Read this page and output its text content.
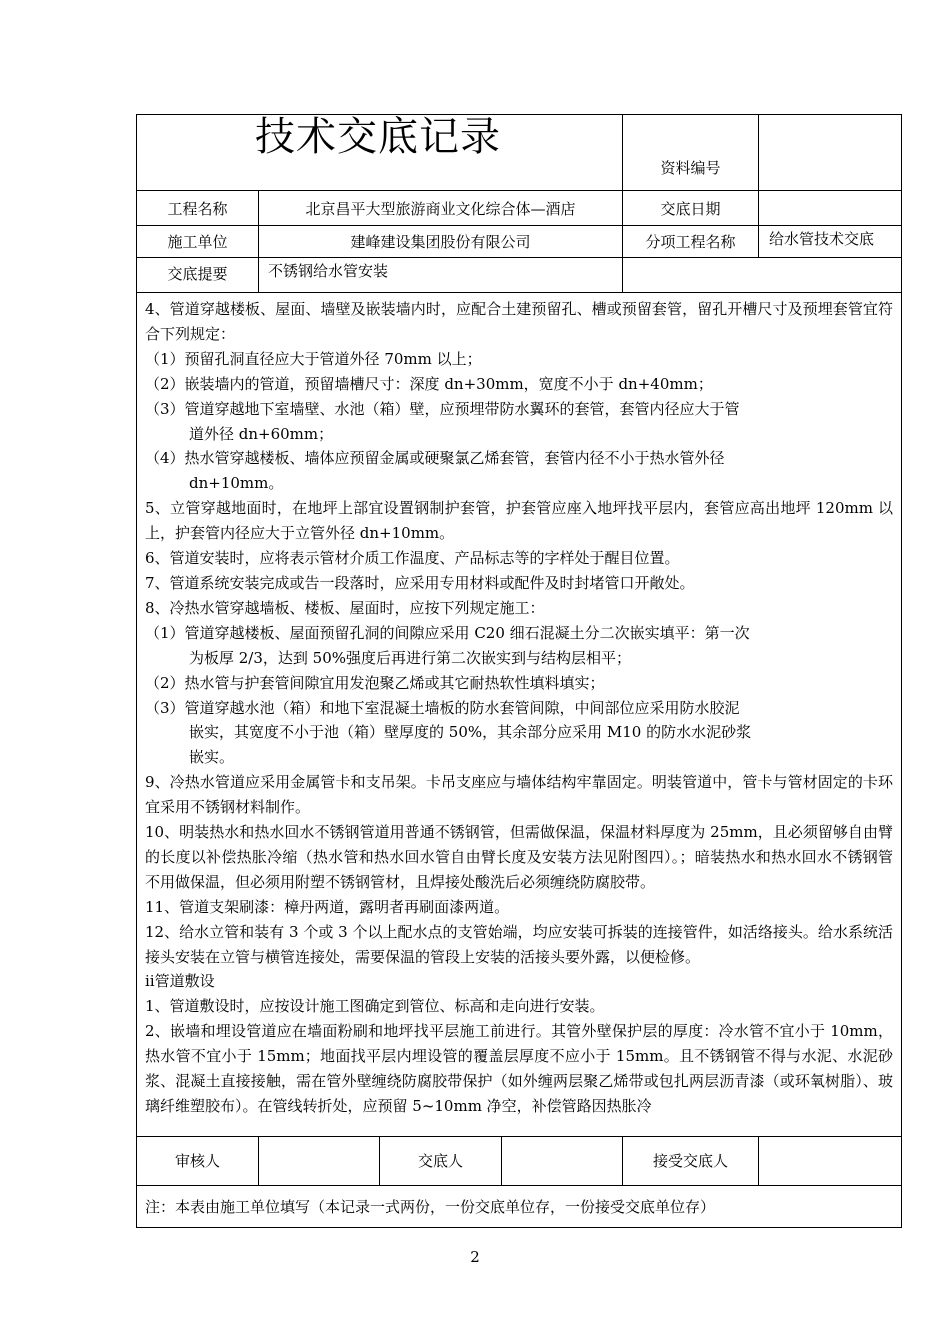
技术交底记录
资料编号
工程名称	北京昌平大型旅游商业文化综合体—酒店	交底日期
施工单位	建峰建设集团股份有限公司	分项工程名称	给水管技术交底
交底提要	不锈钢给水管安装

4、管道穿越楼板、屋面、墙壁及嵌装墙内时，应配合土建预留孔、槽或预留套管，留孔开槽尺寸及预埋套管宜符合下列规定：

（1）预留孔洞直径应大于管道外径 70mm 以上；

（2）嵌装墙内的管道，预留墙槽尺寸：深度 dn+30mm，宽度不小于 dn+40mm；

（3）管道穿越地下室墙壁、水池（箱）壁，应预埋带防水翼环的套管，套管内径应大于管

道外径 dn+60mm；

（4）热水管穿越楼板、墙体应预留金属或硬聚氯乙烯套管，套管内径不小于热水管外径

dn+10mm。

5、立管穿越地面时，在地坪上部宜设置钢制护套管，护套管应座入地坪找平层内，套管应高出地坪 120mm 以上，护套管内径应大于立管外径 dn+10mm。

6、管道安装时，应将表示管材介质工作温度、产品标志等的字样处于醒目位置。

7、管道系统安装完成或告一段落时，应采用专用材料或配件及时封堵管口开敞处。

8、冷热水管穿越墙板、楼板、屋面时，应按下列规定施工：

（1）管道穿越楼板、屋面预留孔洞的间隙应采用 C20 细石混凝土分二次嵌实填平：第一次

为板厚 2/3，达到 50%强度后再进行第二次嵌实到与结构层相平；

（2）热水管与护套管间隙宜用发泡聚乙烯或其它耐热软性填料填实；

（3）管道穿越水池（箱）和地下室混凝土墙板的防水套管间隙，中间部位应采用防水胶泥

嵌实，其宽度不小于池（箱）壁厚度的 50%，其余部分应采用 M10 的防水水泥砂浆

嵌实。

9、冷热水管道应采用金属管卡和支吊架。卡吊支座应与墙体结构牢靠固定。明装管道中，管卡与管材固定的卡环宜采用不锈钢材料制作。

10、明装热水和热水回水不锈钢管道用普通不锈钢管，但需做保温，保温材料厚度为 25mm，且必须留够自由臂的长度以补偿热胀冷缩（热水管和热水回水管自由臂长度及安装方法见附图四）。；暗装热水和热水回水不锈钢管不用做保温，但必须用附塑不锈钢管材，且焊接处酸洗后必须缠绕防腐胶带。

11、管道支架刷漆：樟丹两道，露明者再刷面漆两道。

12、给水立管和装有 3 个或 3 个以上配水点的支管始端，均应安装可拆装的连接管件，如活络接头。给水系统活接头安装在立管与横管连接处，需要保温的管段上安装的活接头要外露，以便检修。

ⅱ管道敷设

1、管道敷设时，应按设计施工图确定到管位、标高和走向进行安装。

2、嵌墙和埋设管道应在墙面粉刷和地坪找平层施工前进行。其管外壁保护层的厚度：冷水管不宜小于 10mm，热水管不宜小于 15mm；地面找平层内埋设管的覆盖层厚度不应小于 15mm。且不锈钢管不得与水泥、水泥砂浆、混凝土直接接触，需在管外壁缠绕防腐胶带保护（如外缠两层聚乙烯带或包扎两层沥青漆（或环氧树脂）、玻璃纤维塑胶布）。在管线转折处，应预留 5~10mm 净空，补偿管路因热胀冷

审核人	交底人	接受交底人
注：本表由施工单位填写（本记录一式两份，一份交底单位存，一份接受交底单位存）
2
